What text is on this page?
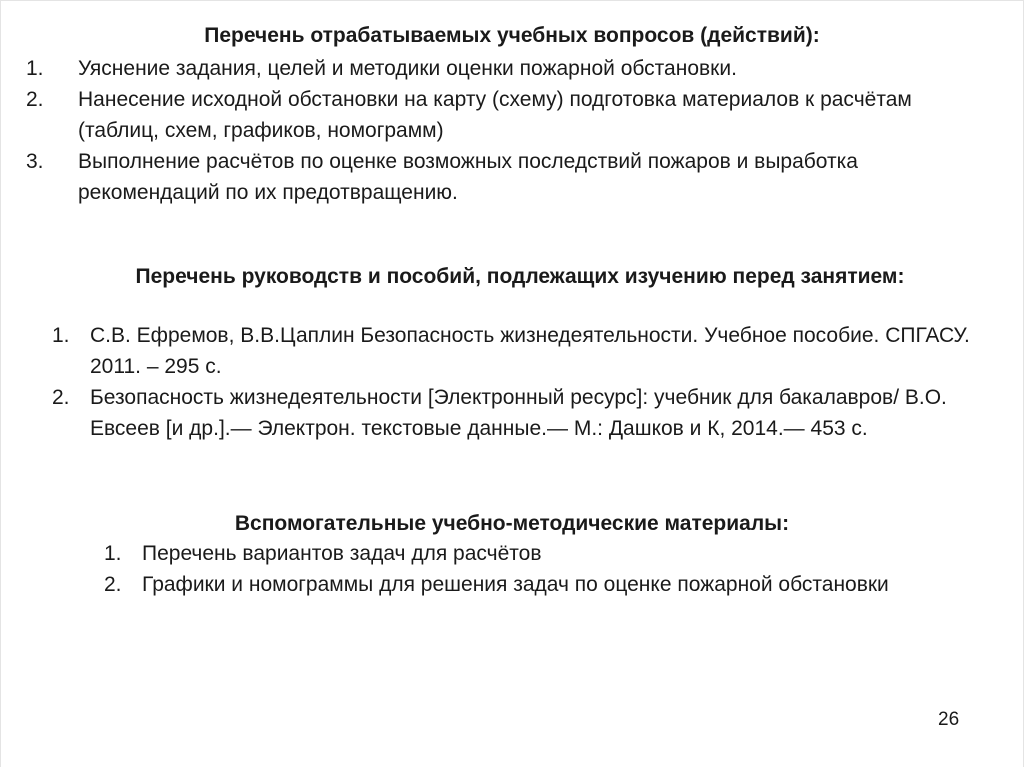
Перечень отрабатываемых учебных вопросов (действий):
1.	Уяснение задания, целей и методики оценки пожарной обстановки.
2.	Нанесение исходной обстановки на карту (схему) подготовка материалов к расчётам (таблиц, схем, графиков, номограмм)
3.	Выполнение расчётов по оценке возможных последствий пожаров и выработка рекомендаций по их предотвращению.
Перечень руководств и пособий, подлежащих изучению перед занятием:
1. С.В. Ефремов, В.В.Цаплин Безопасность жизнедеятельности. Учебное пособие. СПГАСУ. 2011. – 295 с.
2. Безопасность жизнедеятельности [Электронный ресурс]: учебник для бакалавров/ В.О. Евсеев [и др.].— Электрон. текстовые данные.— М.: Дашков и К, 2014.— 453 с.
Вспомогательные учебно-методические материалы:
1. Перечень вариантов задач для расчётов
2. Графики и номограммы для решения задач по оценке пожарной обстановки
26
